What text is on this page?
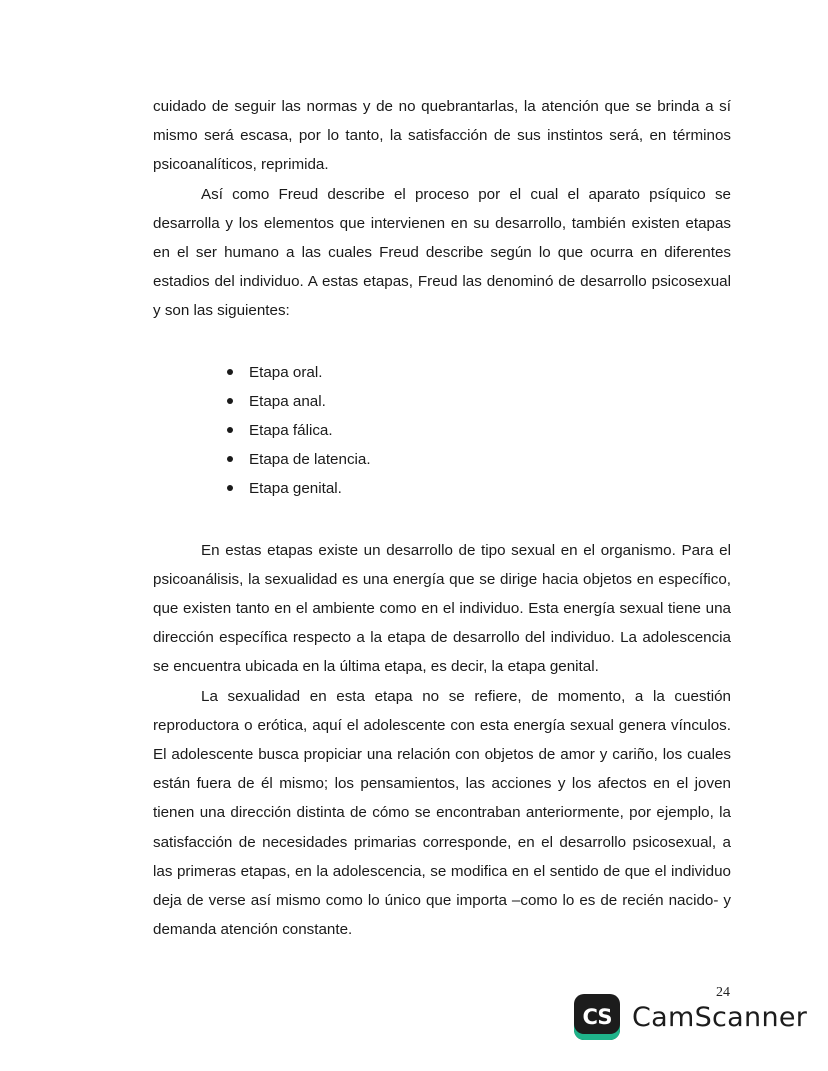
cuidado de seguir las normas y de no quebrantarlas, la atención que se brinda a sí mismo será escasa, por lo tanto, la satisfacción de sus instintos será, en términos psicoanalíticos, reprimida.

Así como Freud describe el proceso por el cual el aparato psíquico se desarrolla y los elementos que intervienen en su desarrollo, también existen etapas en el ser humano a las cuales Freud describe según lo que ocurra en diferentes estadios del individuo. A estas etapas, Freud las denominó de desarrollo psicosexual y son las siguientes:

Etapa oral.
Etapa anal.
Etapa fálica.
Etapa de latencia.
Etapa genital.

En estas etapas existe un desarrollo de tipo sexual en el organismo. Para el psicoanálisis, la sexualidad es una energía que se dirige hacia objetos en específico, que existen tanto en el ambiente como en el individuo. Esta energía sexual tiene una dirección específica respecto a la etapa de desarrollo del individuo. La adolescencia se encuentra ubicada en la última etapa, es decir, la etapa genital.

La sexualidad en esta etapa no se refiere, de momento, a la cuestión reproductora o erótica, aquí el adolescente con esta energía sexual genera vínculos. El adolescente busca propiciar una relación con objetos de amor y cariño, los cuales están fuera de él mismo; los pensamientos, las acciones y los afectos en el joven tienen una dirección distinta de cómo se encontraban anteriormente, por ejemplo, la satisfacción de necesidades primarias corresponde, en el desarrollo psicosexual, a las primeras etapas, en la adolescencia, se modifica en el sentido de que el individuo deja de verse así mismo como lo único que importa –como lo es de recién nacido- y demanda atención constante.

24
CS CamScanner
